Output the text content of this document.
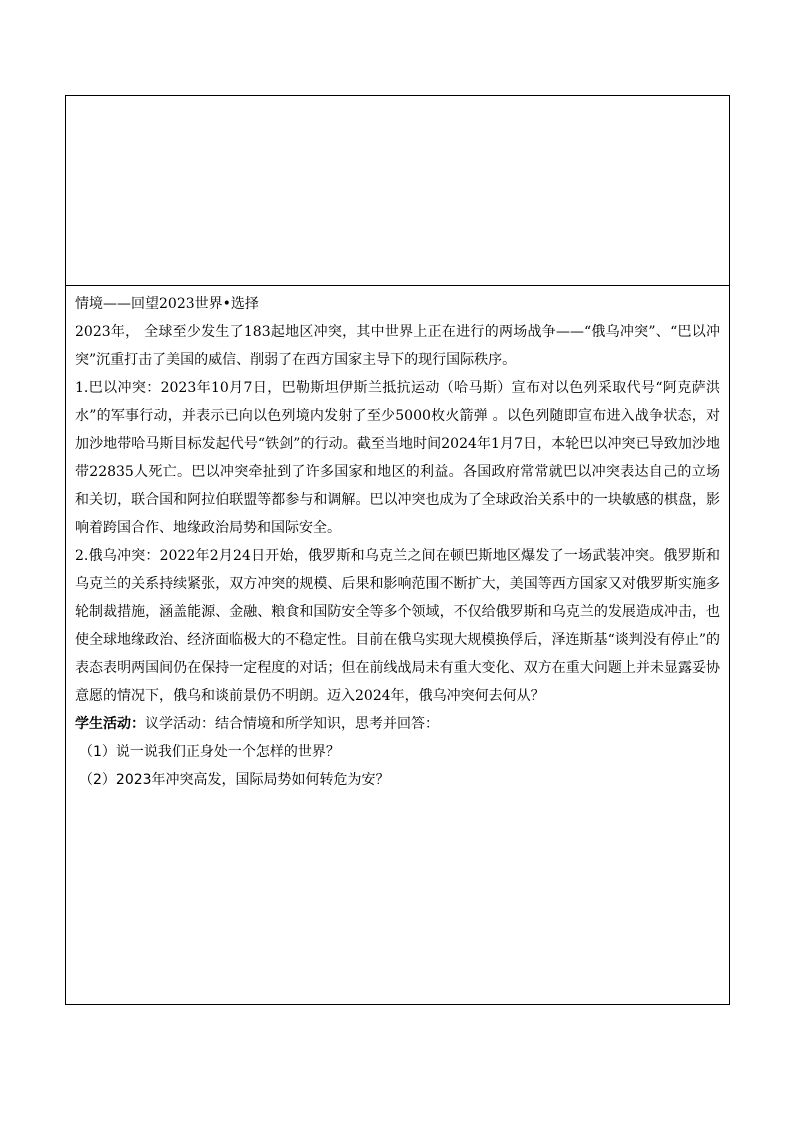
情境——回望2023世界•选择

2023年， 全球至少发生了183起地区冲突，其中世界上正在进行的两场战争——“俄乌冲突”、“巴以冲突”沉重打击了美国的威信、削弱了在西方国家主导下的现行国际秩序。

1.巴以冲突：2023年10月7日，巴勒斯坦伊斯兰抵抗运动（哈马斯）宣布对以色列采取代号“阿克萨洪水”的军事行动，并表示已向以色列境内发射了至少5000枚火箭弹 。以色列随即宣布进入战争状态，对加沙地带哈马斯目标发起代号“铁剑”的行动。截至当地时间2024年1月7日，本轮巴以冲突已导致加沙地带22835人死亡。巴以冲突牵扯到了许多国家和地区的利益。各国政府常常就巴以冲突表达自己的立场和关切，联合国和阿拉伯联盟等都参与和调解。巴以冲突也成为了全球政治关系中的一块敏感的棋盘，影响着跨国合作、地缘政治局势和国际安全。

2.俄乌冲突：2022年2月24日开始，俄罗斯和乌克兰之间在顿巴斯地区爆发了一场武装冲突。俄罗斯和乌克兰的关系持续紧张，双方冲突的规模、后果和影响范围不断扩大，美国等西方国家又对俄罗斯实施多轮制裁措施，涵盖能源、金融、粮食和国防安全等多个领域，不仅给俄罗斯和乌克兰的发展造成冲击，也使全球地缘政治、经济面临极大的不稳定性。目前在俄乌实现大规模换俘后，泽连斯基“谈判没有停止”的表态表明两国间仍在保持一定程度的对话；但在前线战局未有重大变化、双方在重大问题上并未显露妥协意愿的情况下，俄乌和谈前景仍不明朗。迈入2024年，俄乌冲突何去何从？

学生活动：议学活动：结合情境和所学知识，思考并回答：

（1）说一说我们正身处一个怎样的世界？

（2）2023年冲突高发，国际局势如何转危为安？
